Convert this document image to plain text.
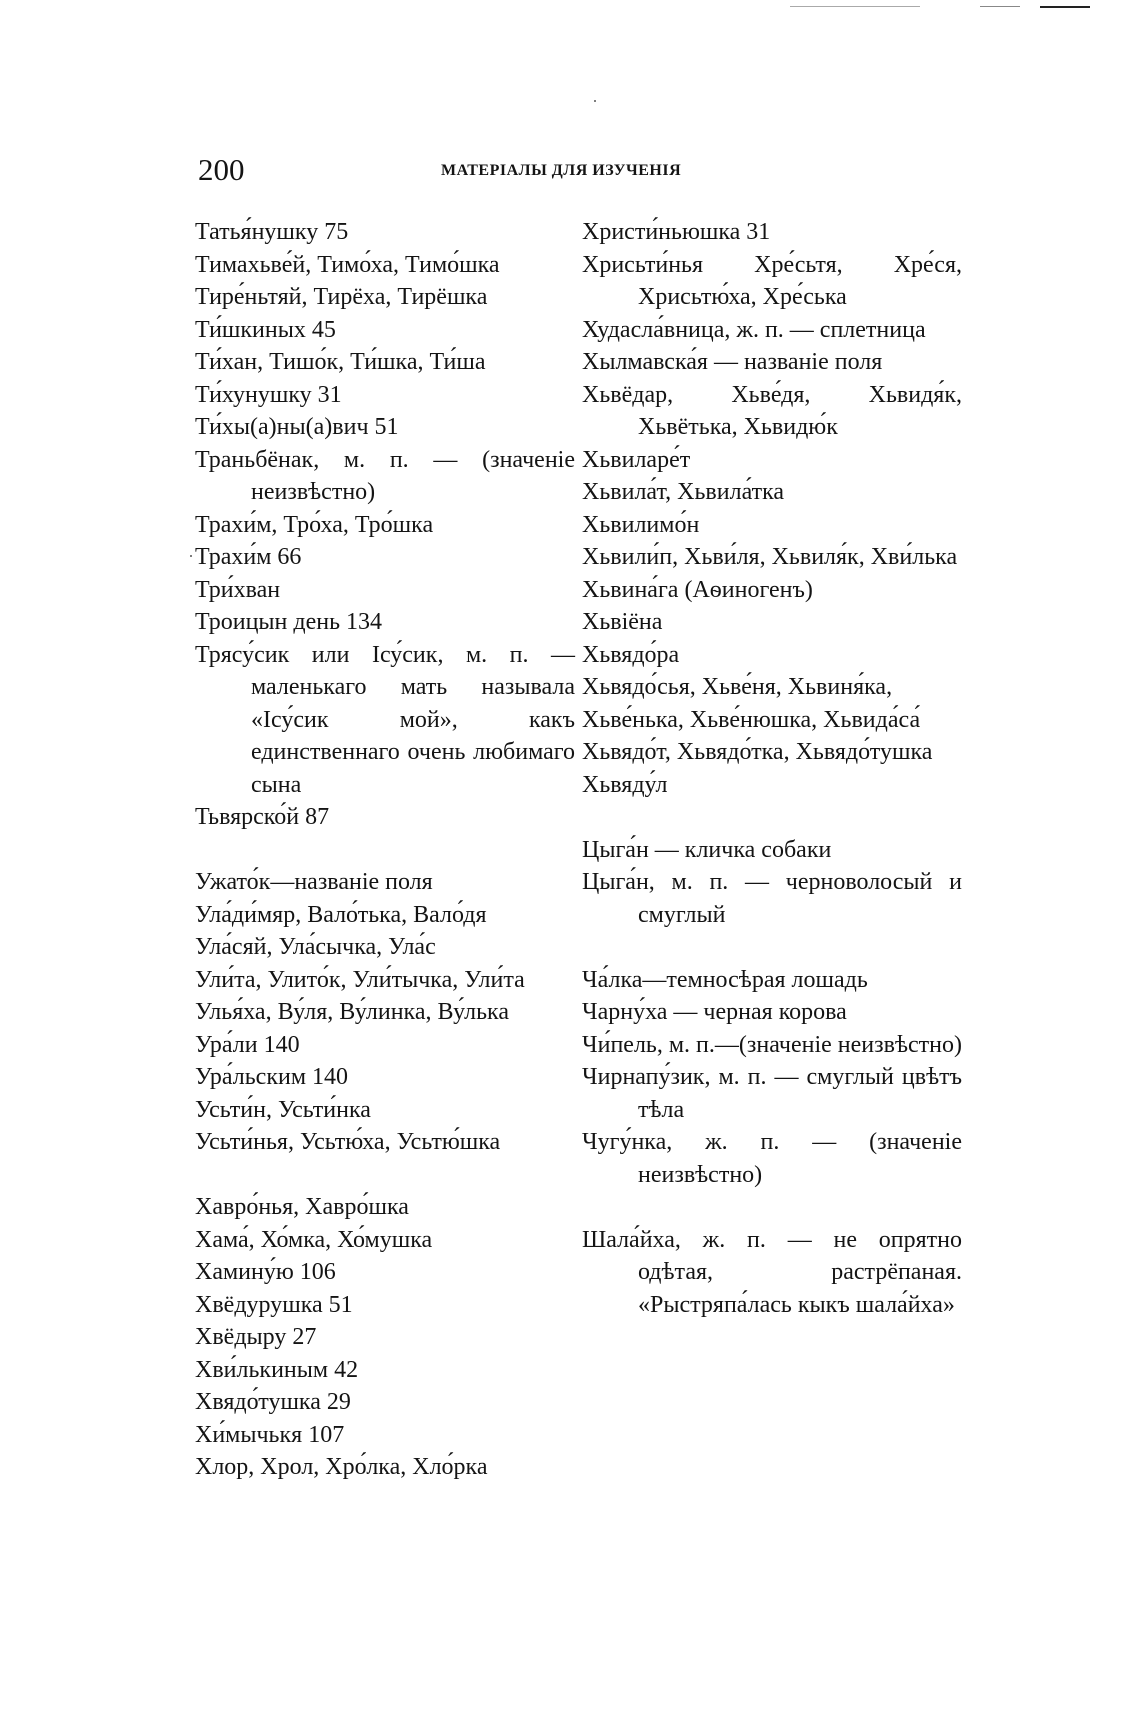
200	МАТЕРІАЛЫ ДЛЯ ИЗУЧЕНІЯ
Татья́нушку 75
Тимахьве́й, Тимо́ха, Тимо́шка
Тире́ньтяй, Тирёха, Тирёшка
Ти́шкиных 45
Ти́хан, Тишо́к, Ти́шка, Ти́ша
Ти́хунушку 31
Ти́хы(а)ны(а)вич 51
Траньбёнак, м. п. — (значеніе неизвѣстно)
Трахи́м, Тро́ха, Тро́шка
Трахи́м 66
Три́хван
Троицын день 134
Трясу́сик или Ісу́сик, м. п. — маленькаго мать называла «Ісу́сик мой», какъ единственнаго очень любимаго сына
Тьвярско́й 87
Ужато́к—названіе поля
Ула́ди́мяр, Вало́тька, Вало́дя
Ула́сяй, Ула́сычка, Ула́с
Ули́та, Улито́к, Ули́тычка, Ули́та
Улья́ха, Ву́ля, Ву́линка, Ву́лька
Ура́ли 140
Ура́льским 140
Усьти́н, Усьти́нка
Усьти́нья, Усьтю́ха, Усьтю́шка
Хавро́нья, Хавро́шка
Хама́, Хо́мка, Хо́мушка
Хамину́ю 106
Хвёдурушка 51
Хвёдыру 27
Хви́лькиным 42
Хвядо́тушка 29
Хи́мычькя 107
Хлор, Хрол, Хро́лка, Хло́рка
Христи́ньюшка 31
Хрисьти́нья Хре́сьтя, Хре́ся, Хрисьтю́ха, Хре́ська
Худасла́вница, ж. п. — сплетница
Хылмавска́я — названіе поля
Хьвёдар, Хьве́дя, Хьвидя́к, Хьвётька, Хьвидю́к
Хьвиларе́т
Хьвила́т, Хьвила́тка
Хьвилимо́н
Хьвили́п, Хьви́ля, Хьвиля́к, Хви́лька
Хьвина́га (Аѳиногенъ)
Хьвіёна
Хьвядо́ра
Хьвядо́сья, Хьве́ня, Хьвиня́ка,
Хьве́нька, Хьве́нюшка, Хьвида́са́
Хьвядо́т, Хьвядо́тка, Хьвядо́тушка
Хьвяду́л
Цыга́н — кличка собаки
Цыга́н, м. п. — черноволосый и смуглый
Ча́лка—темносѣрая лошадь
Чарну́ха — черная корова
Чи́пель, м. п.—(значеніе неизвѣстно)
Чирнапу́зик, м. п. — смуглый цвѣтъ тѣла
Чугу́нка, ж. п. — (значеніе неизвѣстно)
Шала́йха, ж. п. — не опрятно одѣтая, растрёпаная. «Рыстряпа́лась кыкъ шала́йха»
